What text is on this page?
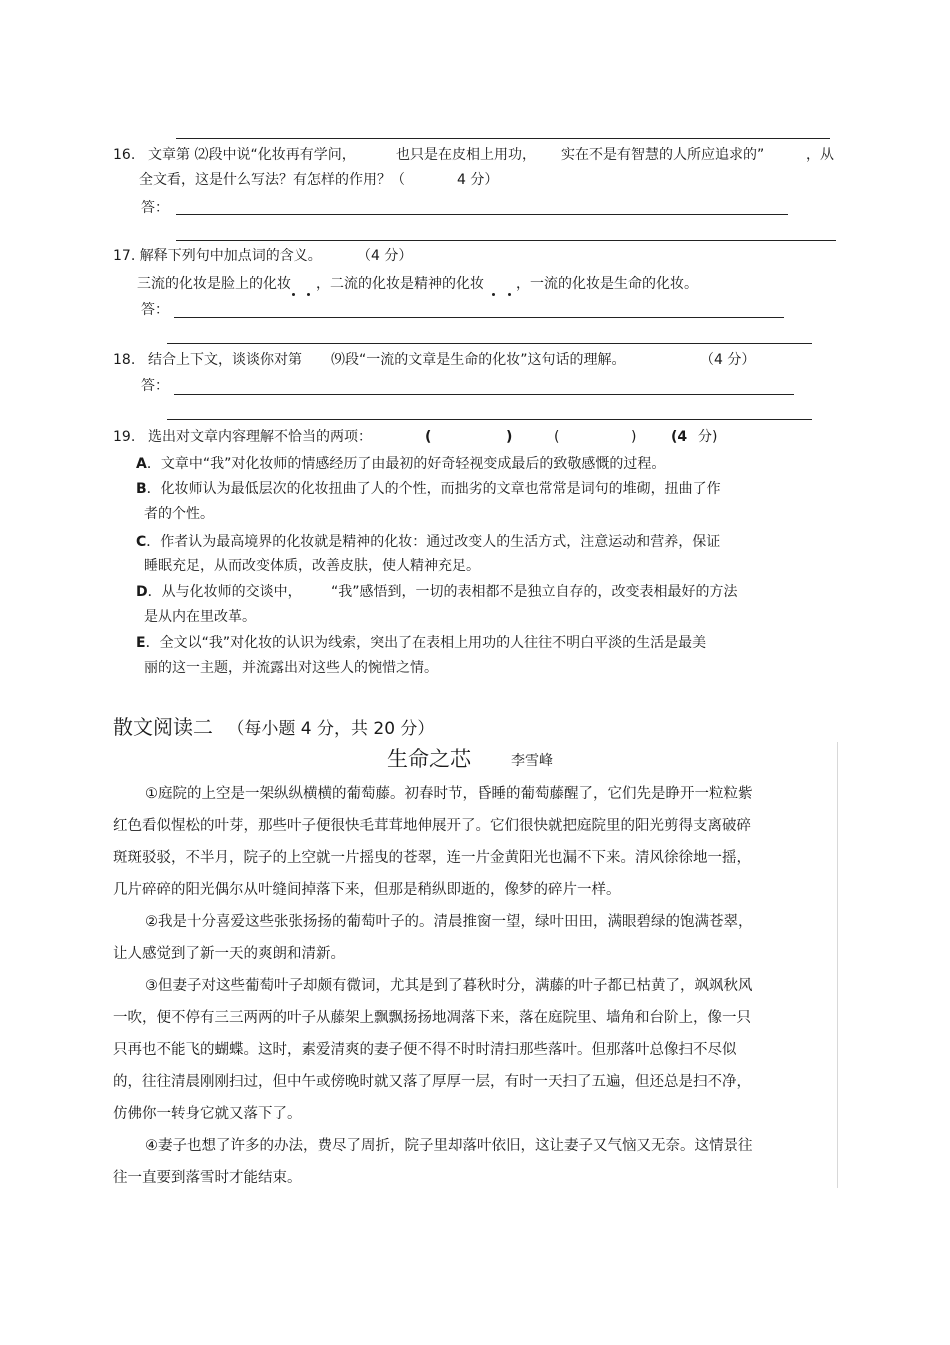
16. 文章第 ⑵段中说“化妆再有学问，	也只是在皮相上用功， 实在不是有智慧的人所应追求的”	，从
全文看，这是什么写法？有怎样的作用？（	4 分）
答：
17. 解释下列句中加点词的含义。	（4 分）
三流的化妆是脸上的化妆 ，二流的化妆是精神的化妆 ，一流的化妆是生命的化妆。
答：
18. 结合上下文，谈谈你对第 ⑼段“一流的文章是生命的化妆”这句话的理解。	（4 分）
答：
19. 选出对文章内容理解不恰当的两项：	(	)	(	) (4 分)
A．文章中“我”对化妆师的情感经历了由最初的好奇轻视变成最后的致敬感慨的过程。
B．化妆师认为最低层次的化妆扭曲了人的个性，而拙劣的文章也常常是词句的堆砌，扭曲了作
者的个性。
C．作者认为最高境界的化妆就是精神的化妆：通过改变人的生活方式，注意运动和营养，保证
睡眠充足，从而改变体质，改善皮肤，使人精神充足。
D．从与化妆师的交谈中， “我”感悟到，一切的表相都不是独立自存的，改变表相最好的方法
是从内在里改革。
E．全文以“我”对化妆的认识为线索，突出了在表相上用功的人往往不明白平淡的生活是最美
丽的这一主题，并流露出对这些人的惋惜之情。
散文阅读二 （每小题 4 分，共 20 分）
生命之芯	李雪峰
①庭院的上空是一架纵纵横横的葡萄藤。初春时节，昏睡的葡萄藤醒了，它们先是睁开一粒粒紫红色看似惺松的叶芽，那些叶子便很快毛茸茸地伸展开了。它们很快就把庭院里的阳光剪得支离破碎斑斑驳驳，不半月，院子的上空就一片摇曳的苍翠，连一片金黄阳光也漏不下来。清风徐徐地一摇，几片碎碎的阳光偶尔从叶缝间掉落下来，但那是稍纵即逝的，像梦的碎片一样。
②我是十分喜爱这些张张扬扬的葡萄叶子的。清晨推窗一望，绿叶田田，满眼碧绿的饱满苍翠，让人感觉到了新一天的爽朗和清新。
③但妻子对这些葡萄叶子却颇有微词，尤其是到了暮秋时分，满藤的叶子都已枯黄了，飒飒秋风一吹，便不停有三三两两的叶子从藤架上飘飘扬扬地凋落下来，落在庭院里、墙角和台阶上，像一只只再也不能飞的蝴蝶。这时，素爱清爽的妻子便不得不时时清扫那些落叶。但那落叶总像扫不尽似的，往往清晨刚刚扫过，但中午或傍晚时就又落了厚厚一层，有时一天扫了五遍，但还总是扫不净，仿佛你一转身它就又落下了。
④妻子也想了许多的办法，费尽了周折，院子里却落叶依旧，这让妻子又气恼又无奈。这情景往往一直要到落雪时才能结束。
